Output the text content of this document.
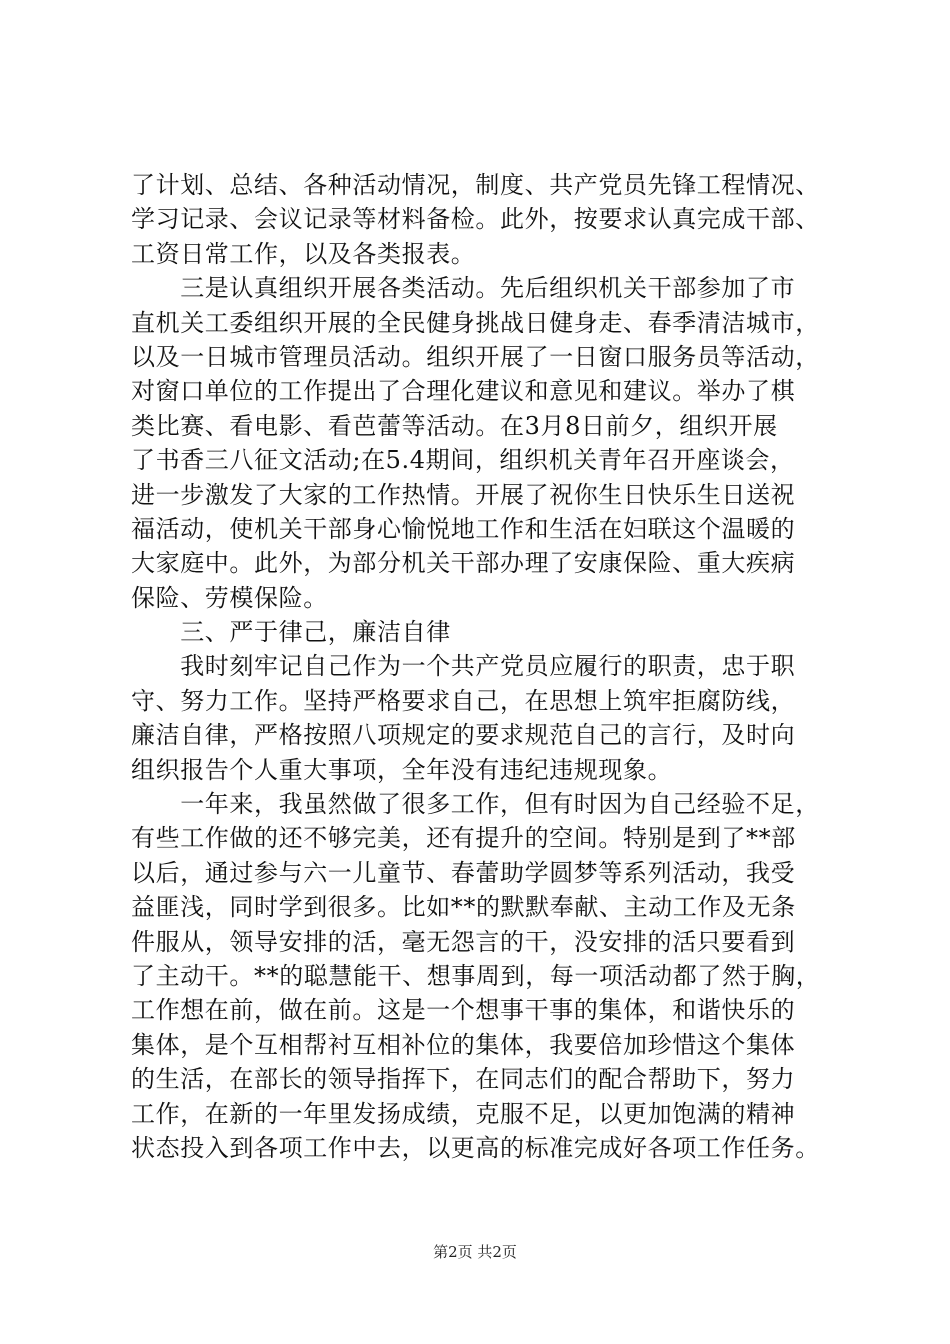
了计划、总结、各种活动情况，制度、共产党员先锋工程情况、
学习记录、会议记录等材料备检。此外，按要求认真完成干部、
工资日常工作，以及各类报表。
　　三是认真组织开展各类活动。先后组织机关干部参加了市
直机关工委组织开展的全民健身挑战日健身走、春季清洁城市，
以及一日城市管理员活动。组织开展了一日窗口服务员等活动，
对窗口单位的工作提出了合理化建议和意见和建议。举办了棋
类比赛、看电影、看芭蕾等活动。在3月8日前夕，组织开展
了书香三八征文活动;在5.4期间，组织机关青年召开座谈会，
进一步激发了大家的工作热情。开展了祝你生日快乐生日送祝
福活动，使机关干部身心愉悦地工作和生活在妇联这个温暖的
大家庭中。此外，为部分机关干部办理了安康保险、重大疾病
保险、劳模保险。
　　三、严于律己，廉洁自律
　　我时刻牢记自己作为一个共产党员应履行的职责，忠于职
守、努力工作。坚持严格要求自己，在思想上筑牢拒腐防线，
廉洁自律，严格按照八项规定的要求规范自己的言行，及时向
组织报告个人重大事项，全年没有违纪违规现象。
　　一年来，我虽然做了很多工作，但有时因为自己经验不足，
有些工作做的还不够完美，还有提升的空间。特别是到了**部
以后，通过参与六一儿童节、春蕾助学圆梦等系列活动，我受
益匪浅，同时学到很多。比如**的默默奉献、主动工作及无条
件服从，领导安排的活，毫无怨言的干，没安排的活只要看到
了主动干。**的聪慧能干、想事周到，每一项活动都了然于胸，
工作想在前，做在前。这是一个想事干事的集体，和谐快乐的
集体，是个互相帮衬互相补位的集体，我要倍加珍惜这个集体
的生活，在部长的领导指挥下，在同志们的配合帮助下，努力
工作，在新的一年里发扬成绩，克服不足，以更加饱满的精神
状态投入到各项工作中去，以更高的标准完成好各项工作任务。
第2页 共2页
